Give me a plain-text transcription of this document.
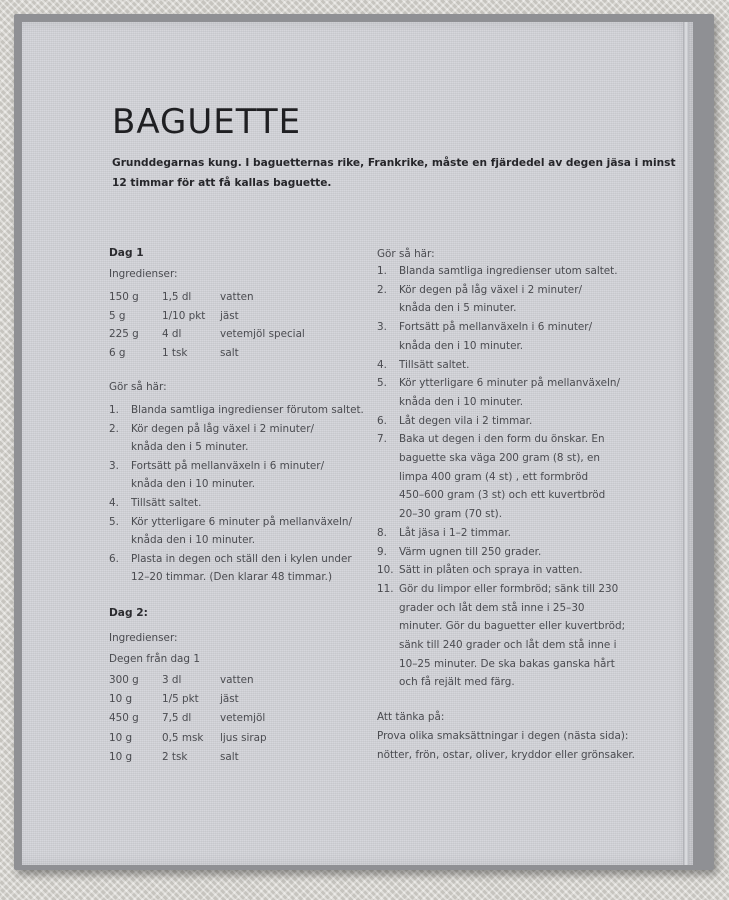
BAGUETTE
Grunddegarnas kung. I baguetternas rike, Frankrike, måste en fjärdedel av degen jäsa i minst
12 timmar för att få kallas baguette.
Dag 1
Ingredienser:
150 g 1,5 dl	vatten
5 g	1/10 pkt jäst
225 g 4 dl	vetemjöl special
6 g	1 tsk	salt
Gör så här:
1. Blanda samtliga ingredienser förutom saltet.
2. Kör degen på låg växel i 2 minuter/
knåda den i 5 minuter.
3. Fortsätt på mellanväxeln i 6 minuter/
knåda den i 10 minuter.
4. Tillsätt saltet.
5. Kör ytterligare 6 minuter på mellanväxeln/
knåda den i 10 minuter.
6. Plasta in degen och ställ den i kylen under
12–20 timmar. (Den klarar 48 timmar.)
Dag 2:
Ingredienser:
Degen från dag 1
300 g 3 dl	vatten
10 g	1/5 pkt jäst
450 g 7,5 dl	vetemjöl
10 g	0,5 msk ljus sirap
10 g	2 tsk	salt
Gör så här:
1. Blanda samtliga ingredienser utom saltet.
2. Kör degen på låg växel i 2 minuter/
knåda den i 5 minuter.
3. Fortsätt på mellanväxeln i 6 minuter/
knåda den i 10 minuter.
4. Tillsätt saltet.
5. Kör ytterligare 6 minuter på mellanväxeln/
knåda den i 10 minuter.
6. Låt degen vila i 2 timmar.
7. Baka ut degen i den form du önskar. En
baguette ska väga 200 gram (8 st), en
limpa 400 gram (4 st) , ett formbröd
450–600 gram (3 st) och ett kuvertbröd
20–30 gram (70 st).
8. Låt jäsa i 1–2 timmar.
9. Värm ugnen till 250 grader.
10. Sätt in plåten och spraya in vatten.
11. Gör du limpor eller formbröd; sänk till 230
grader och låt dem stå inne i 25–30
minuter. Gör du baguetter eller kuvertbröd;
sänk till 240 grader och låt dem stå inne i
10–25 minuter. De ska bakas ganska hårt
och få rejält med färg.
Att tänka på:
Prova olika smaksättningar i degen (nästa sida):
nötter, frön, ostar, oliver, kryddor eller grönsaker.
